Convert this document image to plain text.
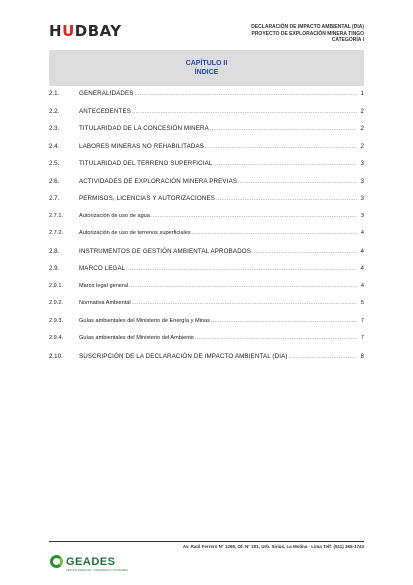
HUDBAY	DECLARACIÓN DE IMPACTO AMBIENTAL (DIA)
PROYECTO DE EXPLORACIÓN MINERA TINGO
CATEGORÍA I
CAPÍTULO II
ÍNDICE
2.1.	GENERALIDADES .....	1
2.2.	ANTECEDENTES .....	2
2.3.	TITULARIDAD DE LA CONCESIÓN MINERA .....	2
2.4.	LABORES MINERAS NO REHABILITADAS .....	2
2.5.	TITULARIDAD DEL TERRENO SUPERFICIAL .....	3
2.6.	ACTIVIDADES DE EXPLORACIÓN MINERA PREVIAS .....	3
2.7.	PERMISOS, LICENCIAS Y AUTORIZACIONES .....	3
2.7.1.	Autorización de uso de agua .....	3
2.7.2.	Autorización de uso de terrenos superficiales .....	4
2.8.	INSTRUMENTOS DE GESTIÓN AMBIENTAL APROBADOS .....	4
2.9.	MARCO LEGAL .....	4
2.9.1.	Marco legal general .....	4
2.9.2.	Normativa Ambiental .....	5
2.9.3.	Guías ambientales del Ministerio de Energía y Minas .....	7
2.9.4.	Guías ambientales del Ministerio del Ambiente .....	7
2.10.	SUSCRIPCIÓN DE LA DECLARACIÓN DE IMPACTO AMBIENTAL (DIA) .....	8
Av. Raúl Ferrero N° 1265, Of. N° 201, Urb. Sirius, La Molina - Lima Telf: (511) 365-1743
GEADES
GESTIÓN AMBIENTAL Y DESARROLLO SOSTENIBLE
